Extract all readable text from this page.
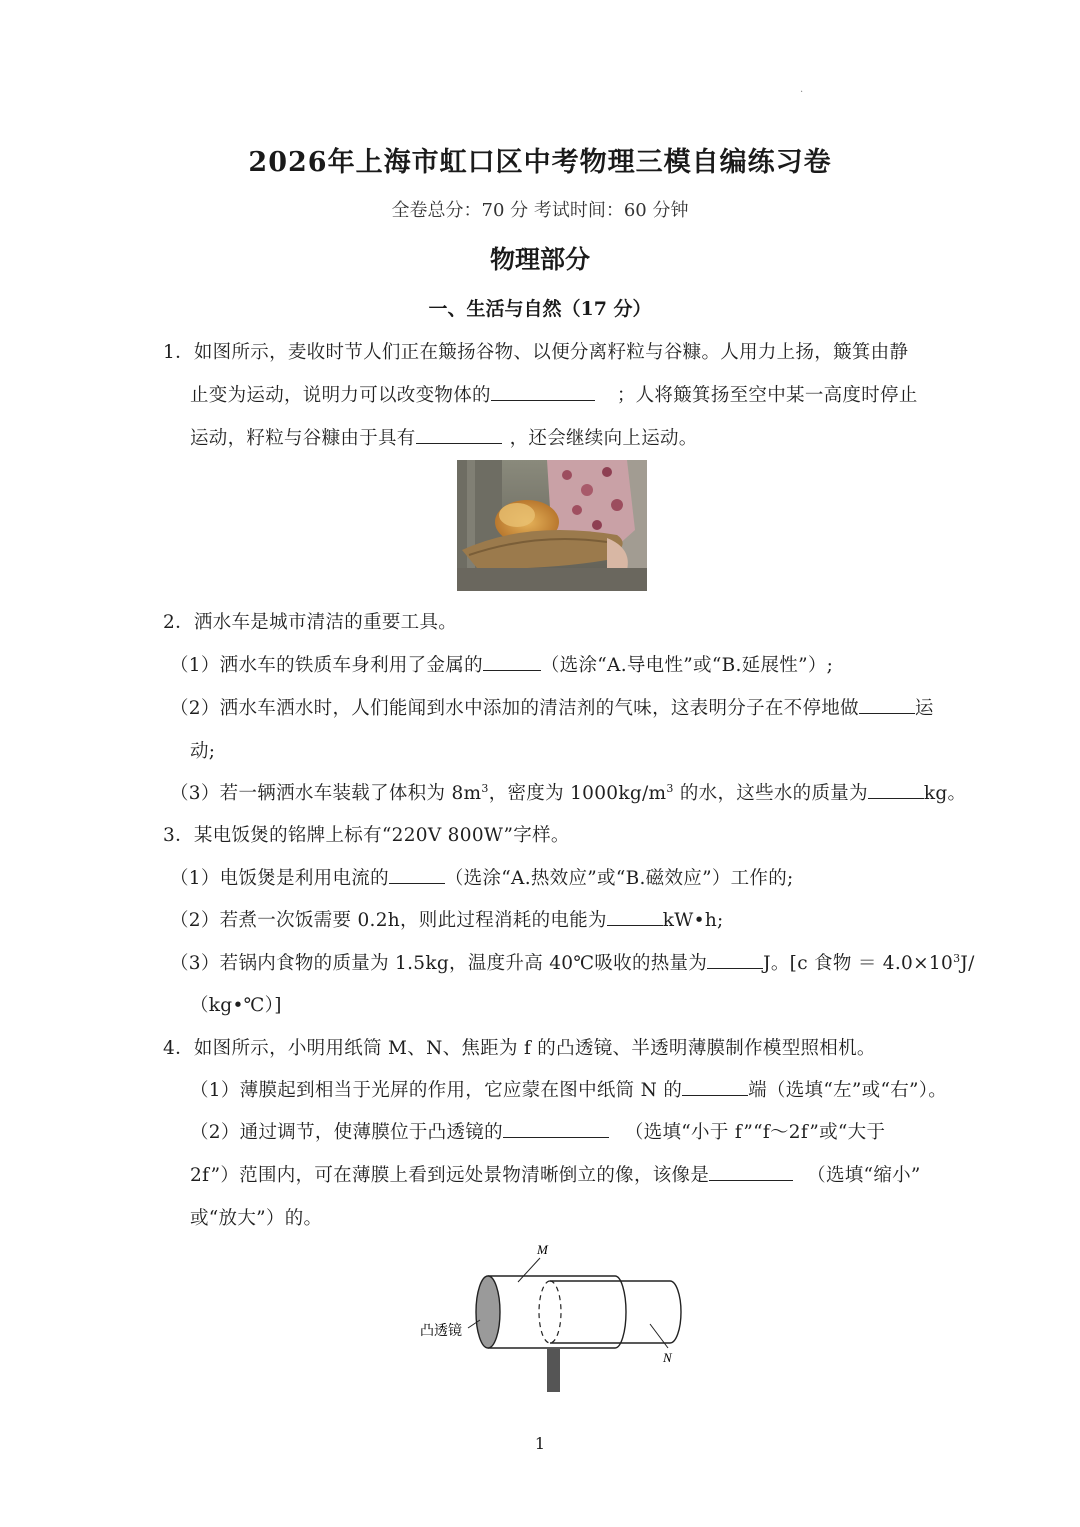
.
2026年上海市虹口区中考物理三模自编练习卷
全卷总分：70 分 考试时间：60 分钟
物理部分
一、生活与自然（17 分）
1．如图所示，麦收时节人们正在簸扬谷物、以便分离籽粒与谷糠。人用力上扬，簸箕由静
止变为运动，说明力可以改变物体的	；人将簸箕扬至空中某一高度时停止
运动，籽粒与谷糠由于具有	，还会继续向上运动。
2．洒水车是城市清洁的重要工具。
（1）洒水车的铁质车身利用了金属的	（选涂“A.导电性”或“B.延展性”）;
（2）洒水车洒水时，人们能闻到水中添加的清洁剂的气味，这表明分子在不停地做	运
动;
（3）若一辆洒水车装载了体积为 $8m^3$，密度为 $1000kg/m^3$ 的水，这些水的质量为	kg。
3．某电饭煲的铭牌上标有“220V 800W”字样。
（1）电饭煲是利用电流的	（选涂“A.热效应”或“B.磁效应”）工作的;
（2）若煮一次饭需要 0.2h，则此过程消耗的电能为	kW•h;
（3）若锅内食物的质量为 1.5kg，温度升高 40℃吸收的热量为	J。[c 食物 ＝ $4.0\times 10^3J/$
（kg•℃）]
4．如图所示，小明用纸筒 M、N、焦距为 f 的凸透镜、半透明薄膜制作模型照相机。
（1）薄膜起到相当于光屏的作用，它应蒙在图中纸筒 N 的	端（选填“左”或“右”）。
（2）通过调节，使薄膜位于凸透镜的	（选填“小于 f”“f～2f”或“大于
2f”）范围内，可在薄膜上看到远处景物清晰倒立的像，该像是	（选填“缩小”
或“放大”）的。
M
N
凸透镜
1
